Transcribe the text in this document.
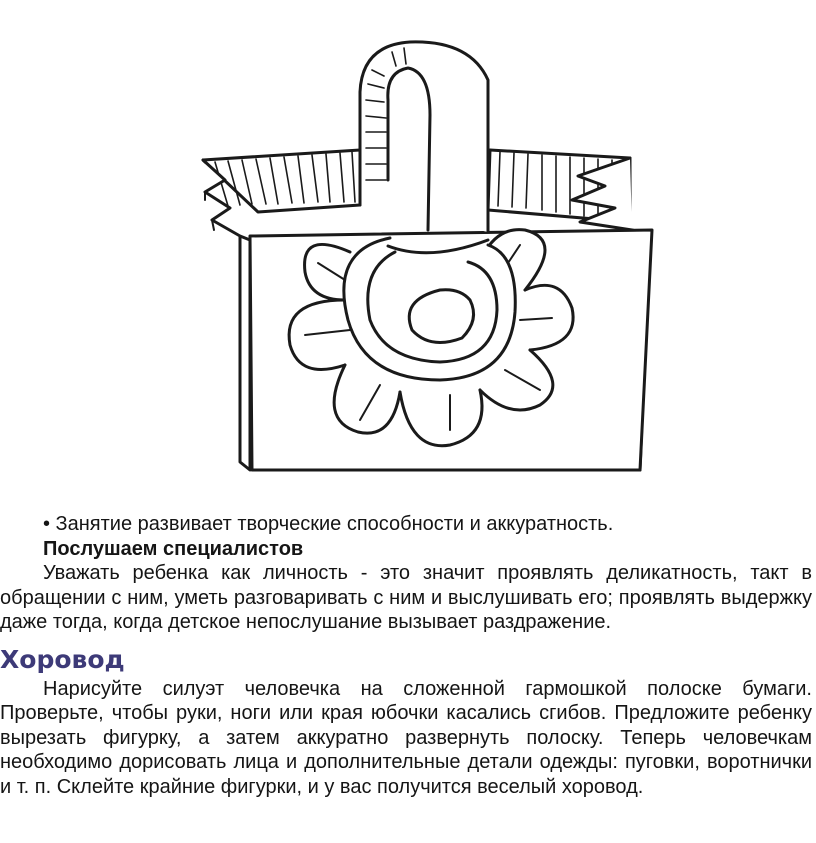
• Занятие развивает творческие способности и аккуратность.

Послушаем специалистов

Уважать ребенка как личность - это значит проявлять деликатность, такт в обращении с ним, уметь разговаривать с ним и выслушивать его; проявлять выдержку даже тогда, когда детское непослушание вызывает раздражение.

Хоровод

Нарисуйте силуэт человечка на сложенной гармошкой полоске бумаги. Проверьте, чтобы руки, ноги или края юбочки касались сгибов. Предложите ребенку вырезать фигурку, а затем аккуратно развернуть полоску. Теперь человечкам необходимо дорисовать лица и дополнительные детали одежды: пуговки, воротнички и т. п. Склейте крайние фигурки, и у вас получится веселый хоровод.
